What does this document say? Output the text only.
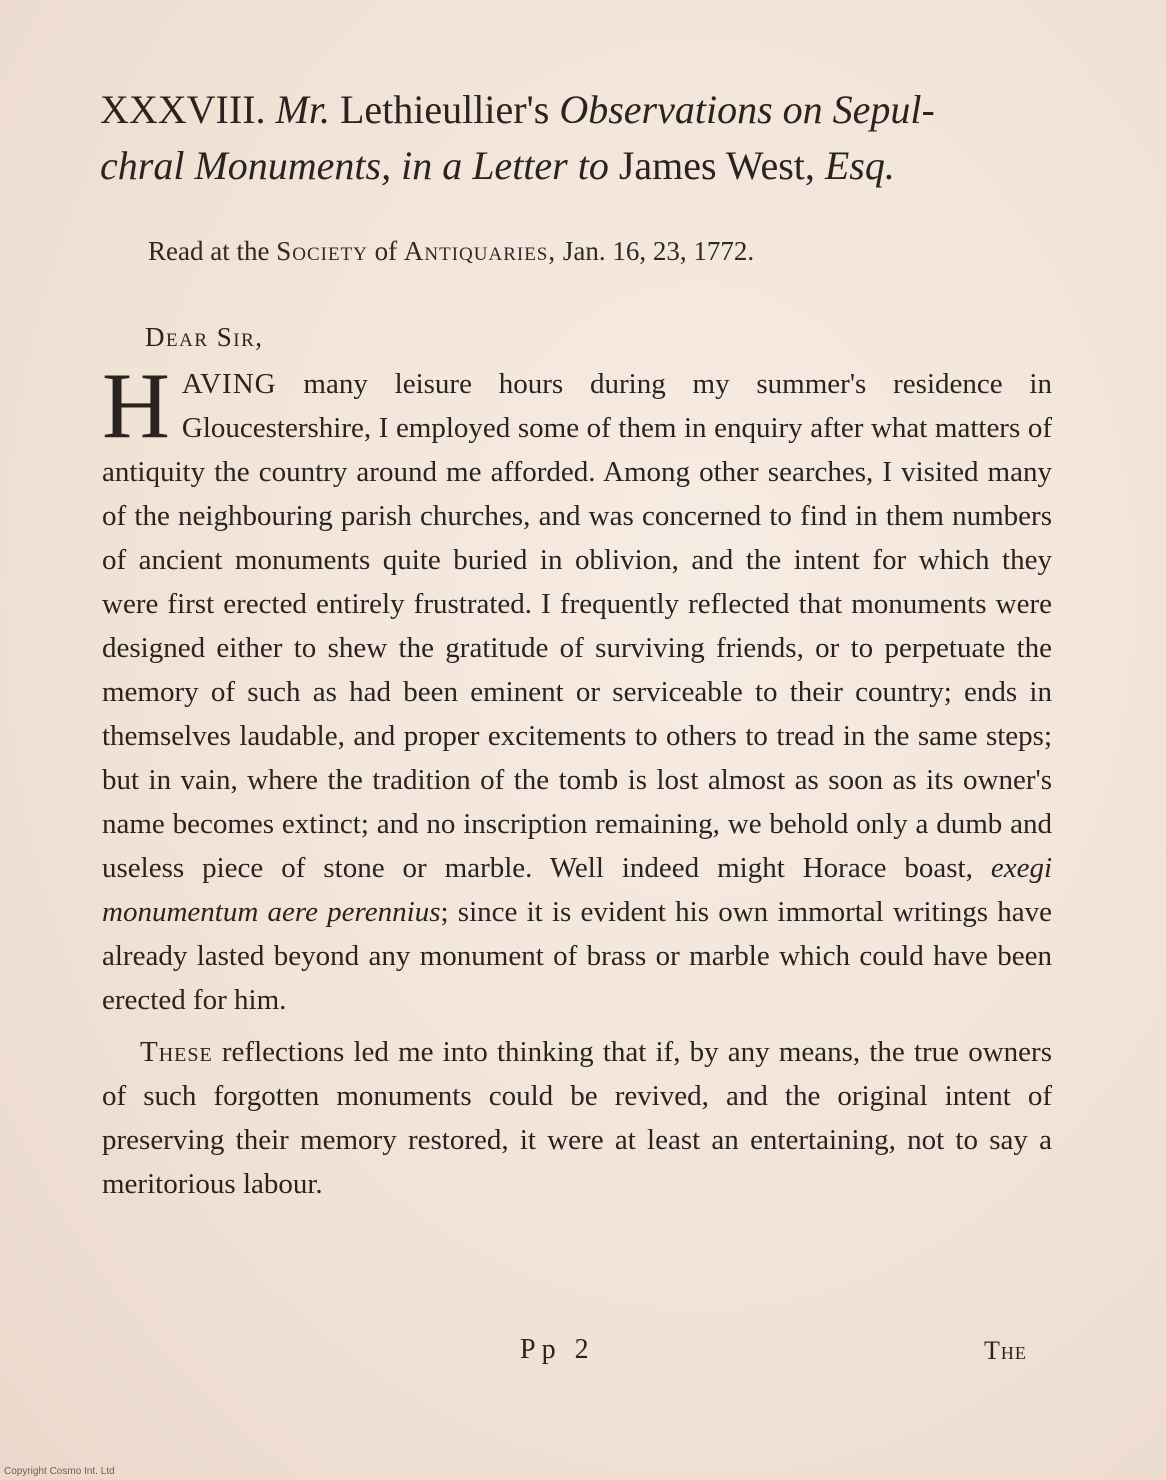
XXXVIII. Mr. Lethieullier's Observations on Sepul-
chral Monuments, in a Letter to James West, Esq.
Read at the Society of Antiquaries, Jan. 16, 23, 1772.
Dear Sir,

HAVING many leisure hours during my summer's residence in Gloucestershire, I employed some of them in enquiry after what matters of antiquity the country around me afforded. Among other searches, I visited many of the neighbouring parish churches, and was concerned to find in them numbers of ancient monuments quite buried in oblivion, and the intent for which they were first erected entirely frustrated. I frequently reflected that monuments were designed either to shew the gratitude of surviving friends, or to perpetuate the memory of such as had been eminent or serviceable to their country; ends in themselves laudable, and proper excitements to others to tread in the same steps; but in vain, where the tradition of the tomb is lost almost as soon as its owner's name becomes extinct; and no inscription remaining, we behold only a dumb and useless piece of stone or marble. Well indeed might Horace boast, exegi monumentum aere perennius; since it is evident his own immortal writings have already lasted beyond any monument of brass or marble which could have been erected for him.

These reflections led me into thinking that if, by any means, the true owners of such forgotten monuments could be revived, and the original intent of preserving their memory restored, it were at least an entertaining, not to say a meritorious labour.

Pp 2	The
Copyright Cosmo Int. Ltd
